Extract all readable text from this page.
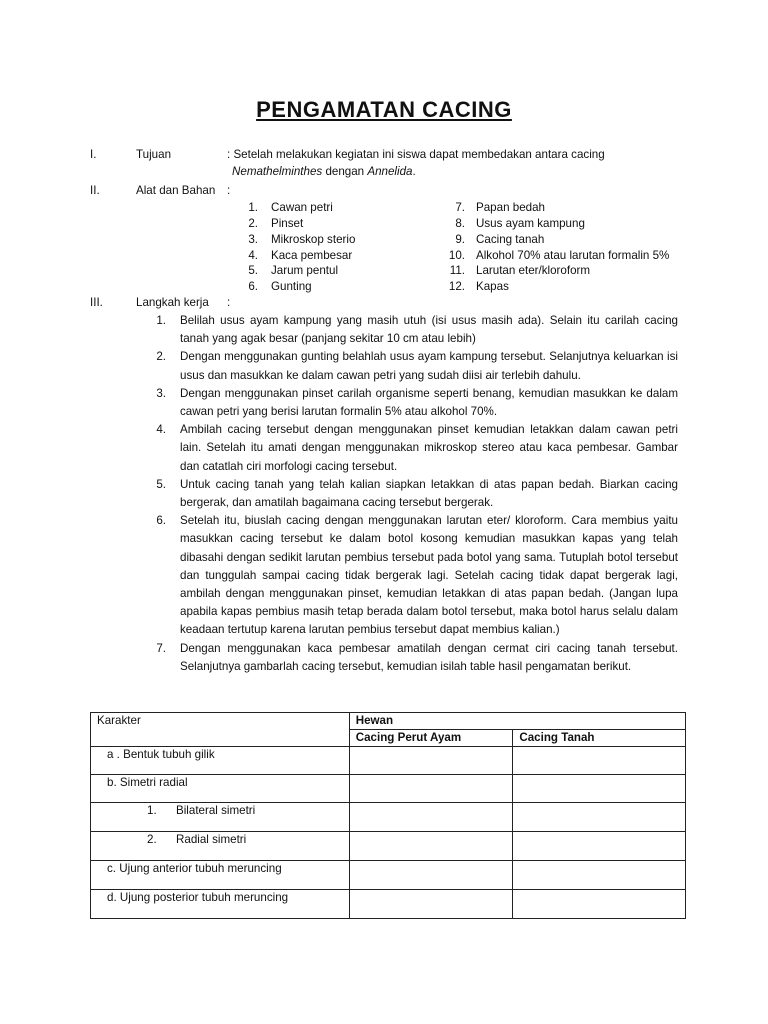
PENGAMATAN CACING
I.	Tujuan	: Setelah melakukan kegiatan ini siswa dapat membedakan antara cacing
Nemathelminthes dengan Annelida.
II.	Alat dan Bahan :
1. Cawan petri
2. Pinset
3. Mikroskop sterio
4. Kaca pembesar
5. Jarum pentul
6. Gunting
7. Papan bedah
8. Usus ayam kampung
9. Cacing tanah
10. Alkohol 70% atau larutan formalin 5%
11. Larutan eter/kloroform
12. Kapas
III.	Langkah kerja :
1. Belilah usus ayam kampung yang masih utuh (isi usus masih ada). Selain itu carilah cacing tanah yang agak besar (panjang sekitar 10 cm atau lebih)
2. Dengan menggunakan gunting belahlah usus ayam kampung tersebut. Selanjutnya keluarkan isi usus dan masukkan ke dalam cawan petri yang sudah diisi air terlebih dahulu.
3. Dengan menggunakan pinset carilah organisme seperti benang, kemudian masukkan ke dalam cawan petri yang berisi larutan formalin 5% atau alkohol 70%.
4. Ambilah cacing tersebut dengan menggunakan pinset kemudian letakkan dalam cawan petri lain. Setelah itu amati dengan menggunakan mikroskop stereo atau kaca pembesar. Gambar dan catatlah ciri morfologi cacing tersebut.
5. Untuk cacing tanah yang telah kalian siapkan letakkan di atas papan bedah. Biarkan cacing bergerak, dan amatilah bagaimana cacing tersebut bergerak.
6. Setelah itu, biuslah cacing dengan menggunakan larutan eter/ kloroform. Cara membius yaitu masukkan cacing tersebut ke dalam botol kosong kemudian masukkan kapas yang telah dibasahi dengan sedikit larutan pembius tersebut pada botol yang sama. Tutuplah botol tersebut dan tunggulah sampai cacing tidak bergerak lagi. Setelah cacing tidak dapat bergerak lagi, ambilah dengan menggunakan pinset, kemudian letakkan di atas papan bedah. (Jangan lupa apabila kapas pembius masih tetap berada dalam botol tersebut, maka botol harus selalu dalam keadaan tertutup karena larutan pembius tersebut dapat membius kalian.)
7. Dengan menggunakan kaca pembesar amatilah dengan cermat ciri cacing tanah tersebut. Selanjutnya gambarlah cacing tersebut, kemudian isilah table hasil pengamatan berikut.
Karakter	Hewan	
	Cacing Perut Ayam	Cacing Tanah
a . Bentuk tubuh gilik		
b. Simetri radial		
1.      Bilateral simetri		
2.      Radial simetri		
c. Ujung anterior tubuh meruncing		
d. Ujung posterior tubuh meruncing		
